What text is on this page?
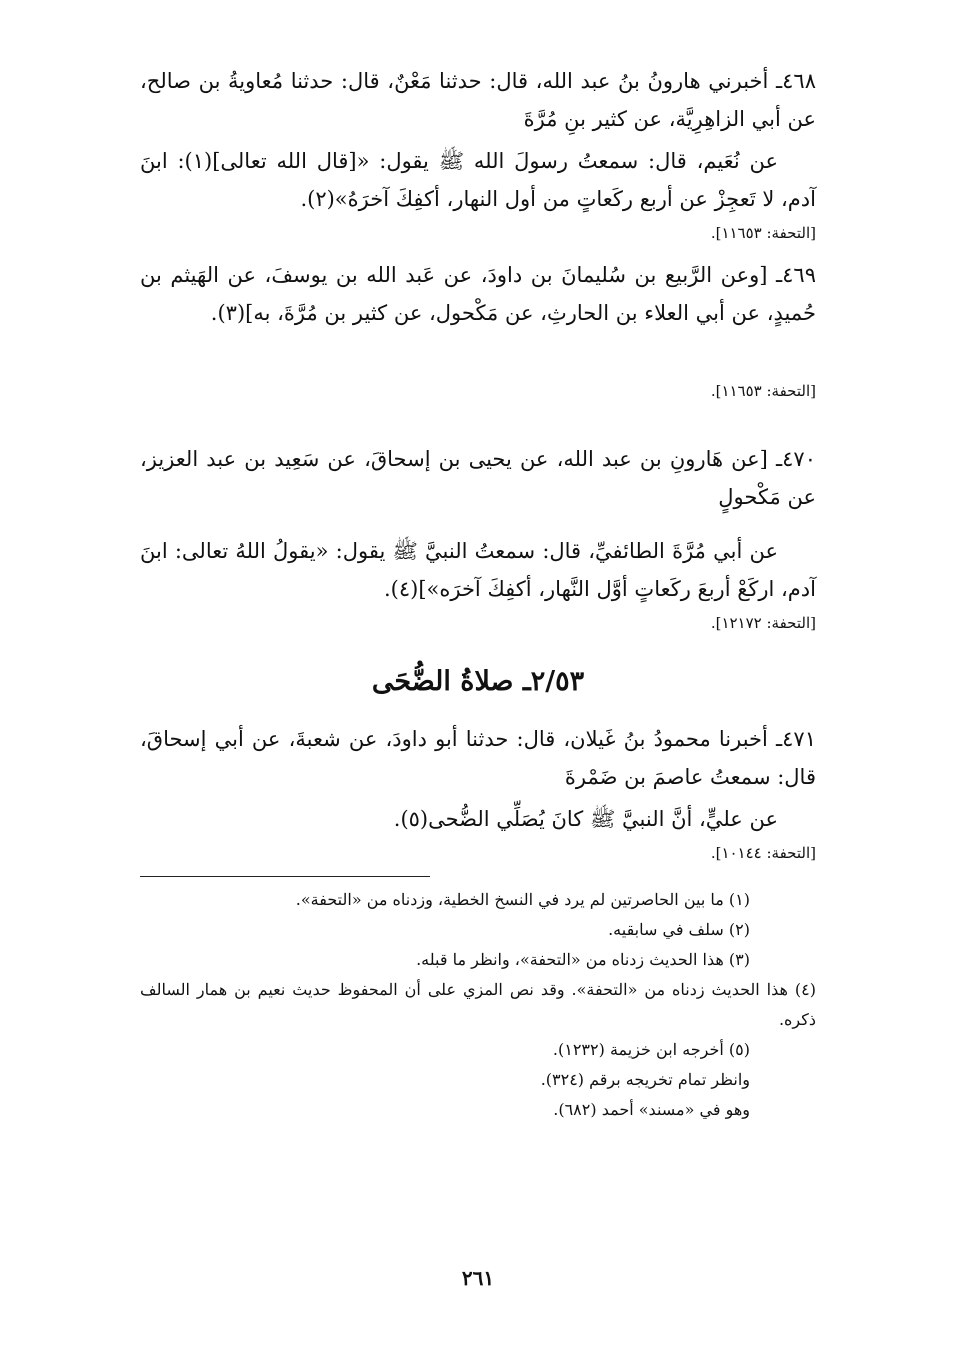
٤٦٨ـ أخبرني هارونُ بنُ عبد الله، قال: حدثنا مَعْنٌ، قال: حدثنا مُعاويةُ بن صالح، عن أبي الزاهِرِيَّة، عن كثير بنِ مُرَّةَ

عن نُعَيم، قال: سمعتُ رسولَ الله ﷺ يقول: «[قال الله تعالى](١): ابنَ آدم، لا تَعجِزْ عن أربع ركَعاتٍ من أول النهار، أكفِكَ آخرَهُ»(٢).

[التحفة: ١١٦٥٣].

٤٦٩ـ [وعن الرَّبيع بن سُليمانَ بن داودَ، عن عَبد الله بن يوسفَ، عن الهَيثم بن حُميدٍ، عن أبي العلاء بن الحارثِ، عن مَكْحول، عن كثير بن مُرَّةَ، به](٣).

[التحفة: ١١٦٥٣].

٤٧٠ـ [عن هَارونِ بن عبد الله، عن يحيى بن إسحاقَ، عن سَعِيد بن عبد العزيز، عن مَكْحولٍ

عن أبي مُرَّةَ الطائفيِّ، قال: سمعتُ النبيَّ ﷺ يقول: «يقولُ اللهُ تعالى: ابنَ آدم، اركَعْ أربعَ ركَعاتٍ أوَّل النَّهار، أكفِكَ آخرَه»](٤).

[التحفة: ١٢١٧٢].

٢/٥٣ـ صلاةُ الضُّحَى

٤٧١ـ أخبرنا محمودُ بنُ غَيلان، قال: حدثنا أبو داودَ، عن شعبةَ، عن أبي إسحاقَ، قال: سمعتُ عاصمَ بن ضَمْرةَ

عن عليٍّ، أنَّ النبيَّ ﷺ كانَ يُصَلِّي الضُّحى(٥).

[التحفة: ١٠١٤٤].

(١) ما بين الحاصرتين لم يرد في النسخ الخطية، وزدناه من «التحفة».

(٢) سلف في سابقيه.

(٣) هذا الحديث زدناه من «التحفة»، وانظر ما قبله.

(٤) هذا الحديث زدناه من «التحفة». وقد نص المزي على أن المحفوظ حديث نعيم بن همار السالف ذكره.

(٥) أخرجه ابن خزيمة (١٢٣٢).

وانظر تمام تخريجه برقم (٣٢٤).

وهو في «مسند» أحمد (٦٨٢).

٢٦١
